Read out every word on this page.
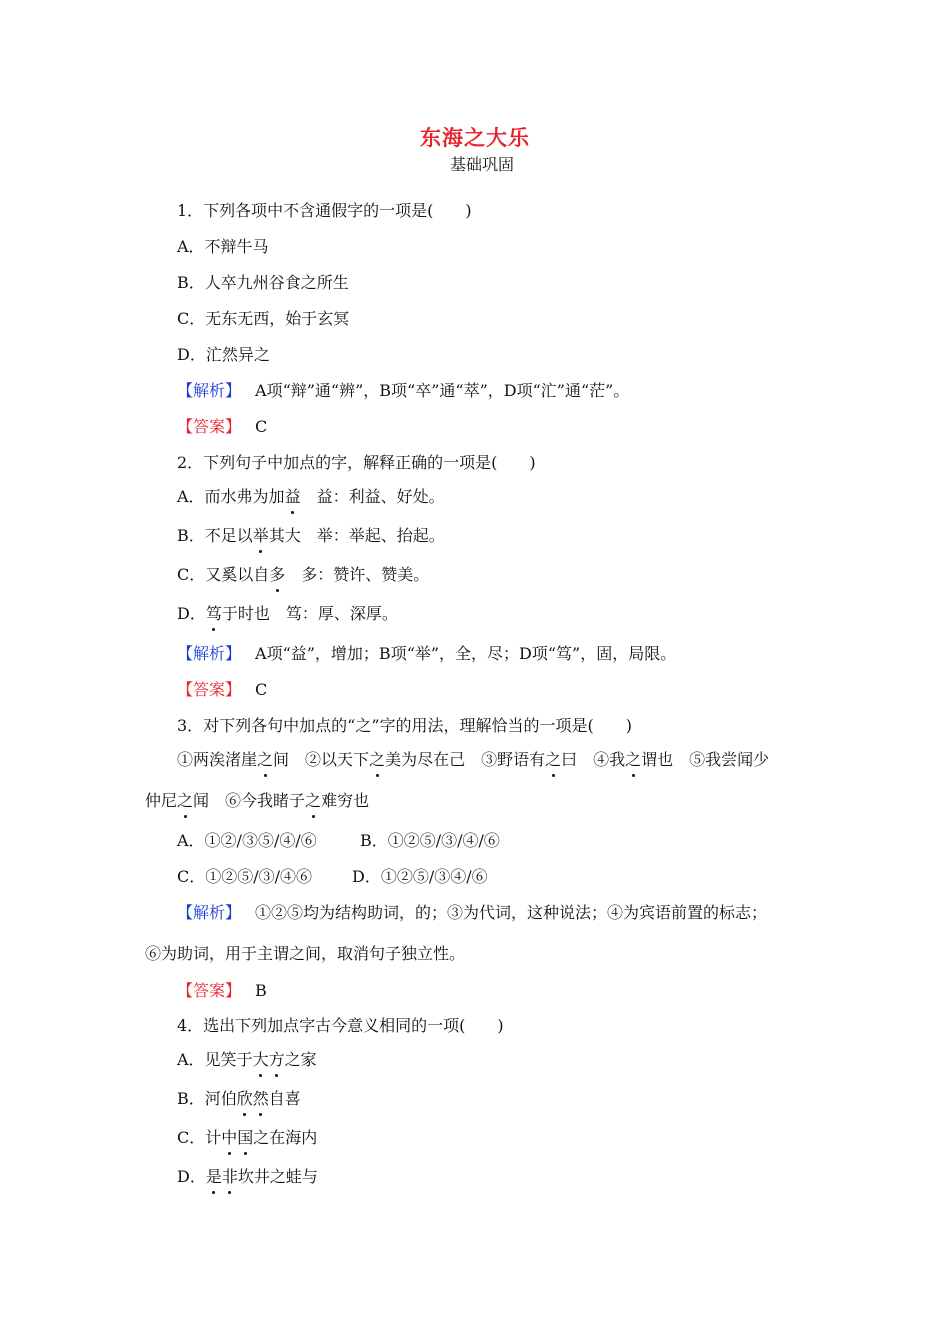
东海之大乐
基础巩固
1．下列各项中不含通假字的一项是(　　)
A．不辩牛马
B．人卒九州谷食之所生
C．无东无西，始于玄冥
D．汒然异之
【解析】 A项“辩”通“辨”，B项“卒”通“萃”，D项“汒”通“茫”。
【答案】 C
2．下列句子中加点的字，解释正确的一项是(　　)
A．而水弗为加益　益：利益、好处。
B．不足以举其大　举：举起、抬起。
C．又奚以自多　多：赞许、赞美。
D．笃于时也　笃：厚、深厚。
【解析】 A项“益”，增加；B项“举”，全，尽；D项“笃”，固，局限。
【答案】 C
3．对下列各句中加点的“之”字的用法，理解恰当的一项是(　　)
①两涘渚崖之间　②以天下之美为尽在己　③野语有之曰　④我之谓也　⑤我尝闻少
仲尼之闻　⑥今我睹子之难穷也
A．①②/③⑤/④/⑥	B．①②⑤/③/④/⑥
C．①②⑤/③/④⑥ D．①②⑤/③④/⑥
【解析】 ①②⑤均为结构助词，的；③为代词，这种说法；④为宾语前置的标志；
⑥为助词，用于主谓之间，取消句子独立性。
【答案】 B
4．选出下列加点字古今意义相同的一项(　　)
A．见笑于大方之家
B．河伯欣然自喜
C．计中国之在海内
D．是非坎井之蛙与
